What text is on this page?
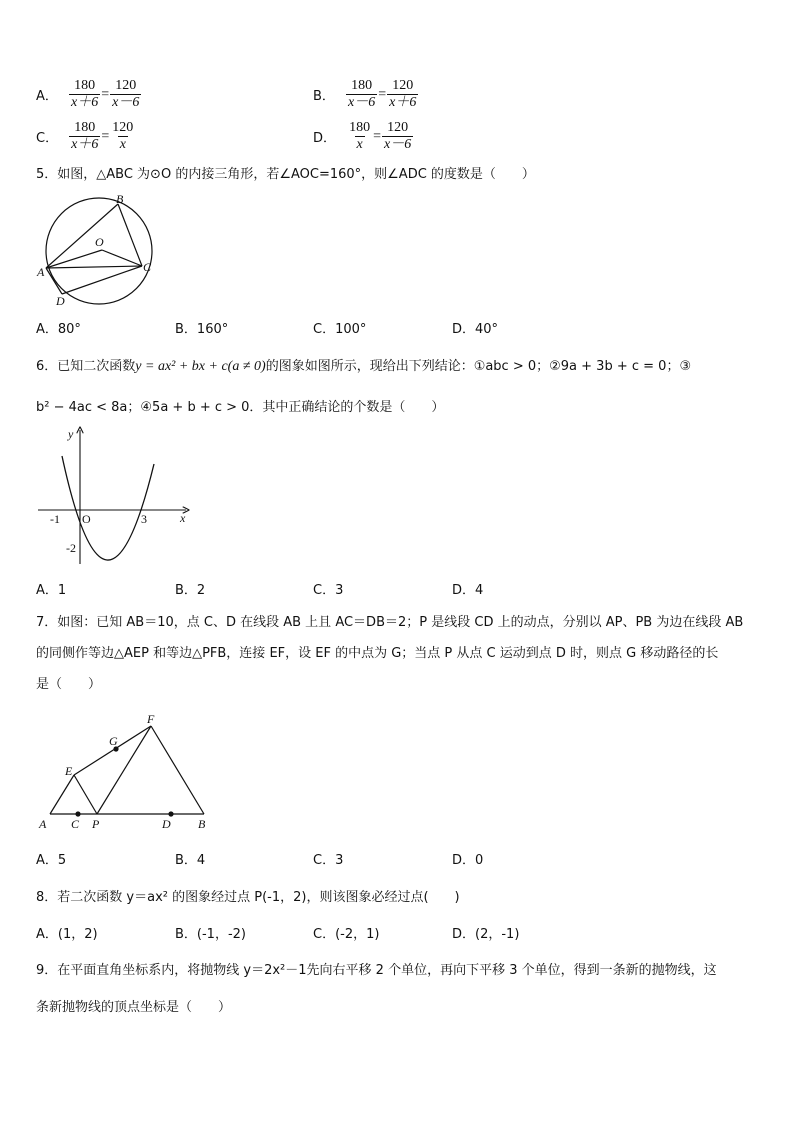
A． $\frac{180}{x+6} = \frac{120}{x-6}$	B． $\frac{180}{x-6} = \frac{120}{x+6}$
C． $\frac{180}{x+6} = \frac{120}{x}$	D． $\frac{180}{x} = \frac{120}{x-6}$
5．如图，△ABC 为⊙O 的内接三角形，若∠AOC=160°，则∠ADC 的度数是（　　）
B
O
A	C
D
A．80°	B．160°	C．100°	D．40°
6．已知二次函数y = ax² + bx + c(a ≠ 0)的图象如图所示，现给出下列结论：①abc > 0；②9a + 3b + c = 0；③
b² − 4ac < 8a；④5a + b + c > 0．其中正确结论的个数是（　　）
y
x
O
-1	3
-2
A．1	B．2	C．3	D．4
7．如图：已知 AB＝10，点 C、D 在线段 AB 上且 AC＝DB＝2；P 是线段 CD 上的动点，分别以 AP、PB 为边在线段 AB
的同侧作等边△AEP 和等边△PFB，连接 EF，设 EF 的中点为 G；当点 P 从点 C 运动到点 D 时，则点 G 移动路径的长
是（　　）
A C P	D B
E
F
G
A．5	B．4	C．3	D．0
8．若二次函数 y＝ax² 的图象经过点 P(-1，2)，则该图象必经过点(　　)
A．(1，2)	B．(-1，-2)	C．(-2，1)	D．(2，-1)
9．在平面直角坐标系内，将抛物线 y＝2x²－1先向右平移 2 个单位，再向下平移 3 个单位，得到一条新的抛物线，这
条新抛物线的顶点坐标是（　　）
